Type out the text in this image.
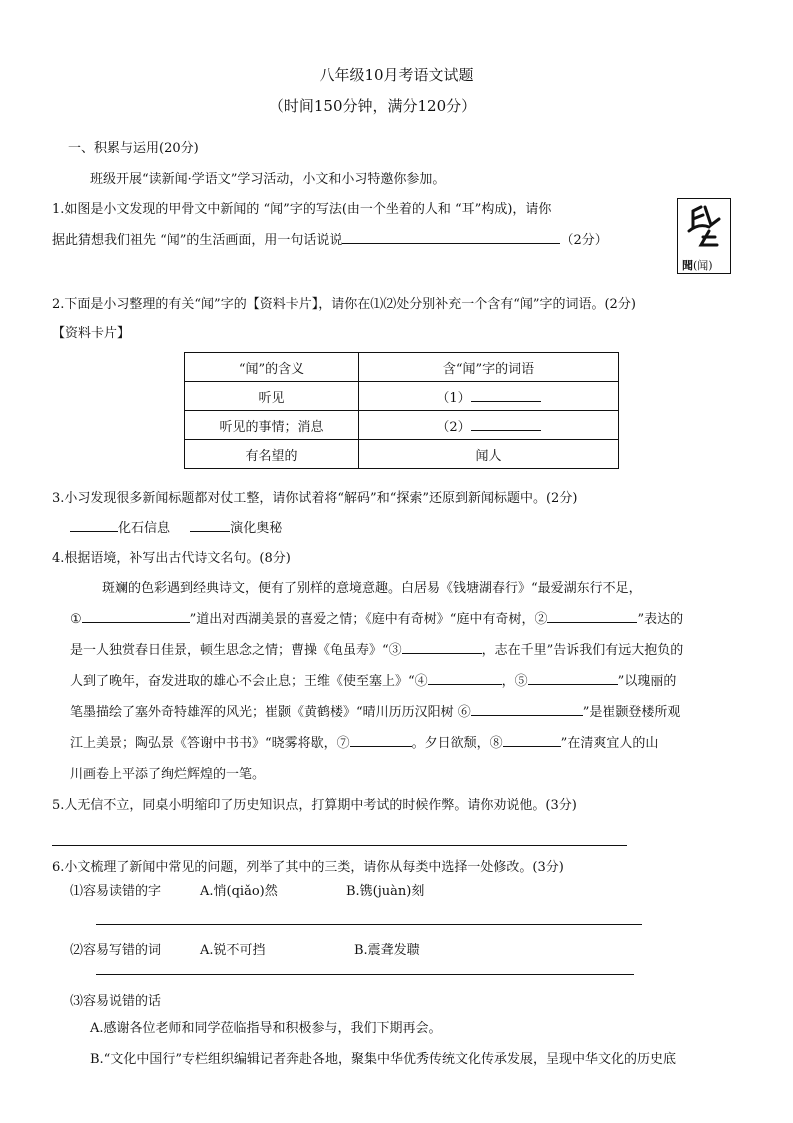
八年级10月考语文试题
（时间150分钟，满分120分）
一、积累与运用(20分)
班级开展“读新闻·学语文”学习活动，小文和小习特邀你参加。
1.如图是小文发现的甲骨文中新闻的 “闻”字的写法(由一个坐着的人和 “耳”构成)，请你
据此猜想我们祖先 “闻”的生活画面，用一句话说说	（2分）
聞(闻)
2.下面是小习整理的有关“闻”字的【资料卡片】，请你在⑴⑵处分别补充一个含有“闻”字的词语。(2分)
【资料卡片】
“闻”的含义	含“闻”字的词语
听见	（1）
听见的事情；消息	（2）
有名望的	闻人
3.小习发现很多新闻标题都对仗工整，请你试着将“解码”和“探索”还原到新闻标题中。(2分)
化石信息	演化奥秘
4.根据语境，补写出古代诗文名句。(8分)
斑斓的色彩遇到经典诗文，便有了别样的意境意趣。白居易《钱塘湖春行》“最爱湖东行不足，
①	”道出对西湖美景的喜爱之情；《庭中有奇树》“庭中有奇树，②	”表达的
是一人独赏春日佳景，顿生思念之情；曹操《龟虽寿》“③	，志在千里”告诉我们有远大抱负的
人到了晚年，奋发进取的雄心不会止息；王维《使至塞上》“④	，⑤	”以瑰丽的
笔墨描绘了塞外奇特雄浑的风光；崔颢《黄鹤楼》“晴川历历汉阳树 ⑥	”是崔颢登楼所观
江上美景；陶弘景《答谢中书书》“晓雾将歇，⑦	。夕日欲颓，⑧	”在清爽宜人的山
川画卷上平添了绚烂辉煌的一笔。
5.人无信不立，同桌小明缩印了历史知识点，打算期中考试的时候作弊。请你劝说他。(3分)
6.小文梳理了新闻中常见的问题，列举了其中的三类，请你从每类中选择一处修改。(3分)
⑴容易读错的字	A.悄(qiǎo)然	B.镌(juàn)刻
⑵容易写错的词	A.锐不可挡	B.震聋发聩
⑶容易说错的话
A.感谢各位老师和同学莅临指导和积极参与，我们下期再会。
B.“文化中国行”专栏组织编辑记者奔赴各地，聚集中华优秀传统文化传承发展，呈现中华文化的历史底
